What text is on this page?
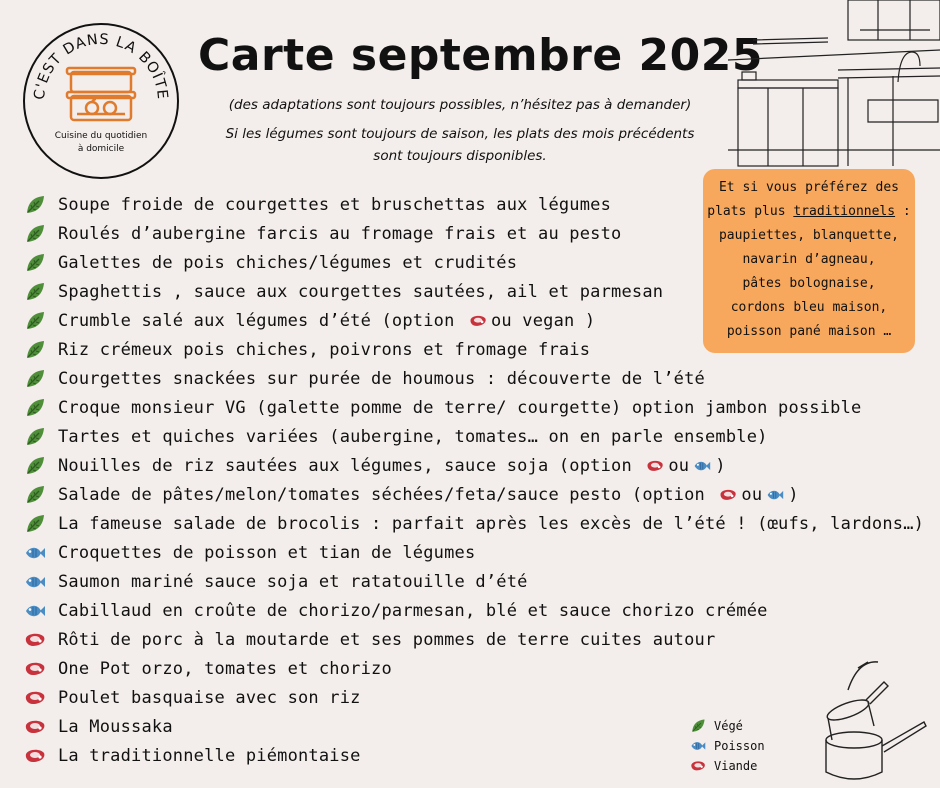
C'EST DANS LA BOÎTE
Cuisine du quotidien
à domicile
Carte septembre 2025
(des adaptations sont toujours possibles, n’hésitez pas à demander)
Si les légumes sont toujours de saison, les plats des mois précédents
sont toujours disponibles.
Et si vous préférez des
plats plus traditionnels :
paupiettes, blanquette,
navarin d’agneau,
pâtes bolognaise,
cordons bleu maison,
poisson pané maison …
Soupe froide de courgettes et bruschettas aux légumes
Roulés d’aubergine farcis au fromage frais et au pesto
Galettes de pois chiches/légumes et crudités
Spaghettis , sauce aux courgettes sautées, ail et parmesan
Crumble salé aux légumes d’été (option
ou vegan )
Riz crémeux pois chiches, poivrons et fromage frais
Courgettes snackées sur purée de houmous : découverte de l’été
Croque monsieur VG (galette pomme de terre/ courgette) option jambon possible
Tartes et quiches variées (aubergine, tomates… on en parle ensemble)
Nouilles de riz sautées aux légumes, sauce soja (option
ou )
Salade de pâtes/melon/tomates séchées/feta/sauce pesto (option
ou )
La fameuse salade de brocolis : parfait après les excès de l’été ! (œufs, lardons…)
Croquettes de poisson et tian de légumes
Saumon mariné sauce soja et ratatouille d’été
Cabillaud en croûte de chorizo/parmesan, blé et sauce chorizo crémée
Rôti de porc à la moutarde et ses pommes de terre cuites autour
One Pot orzo, tomates et chorizo
Poulet basquaise avec son riz
La Moussaka
La traditionnelle piémontaise
Végé
Poisson
Viande
